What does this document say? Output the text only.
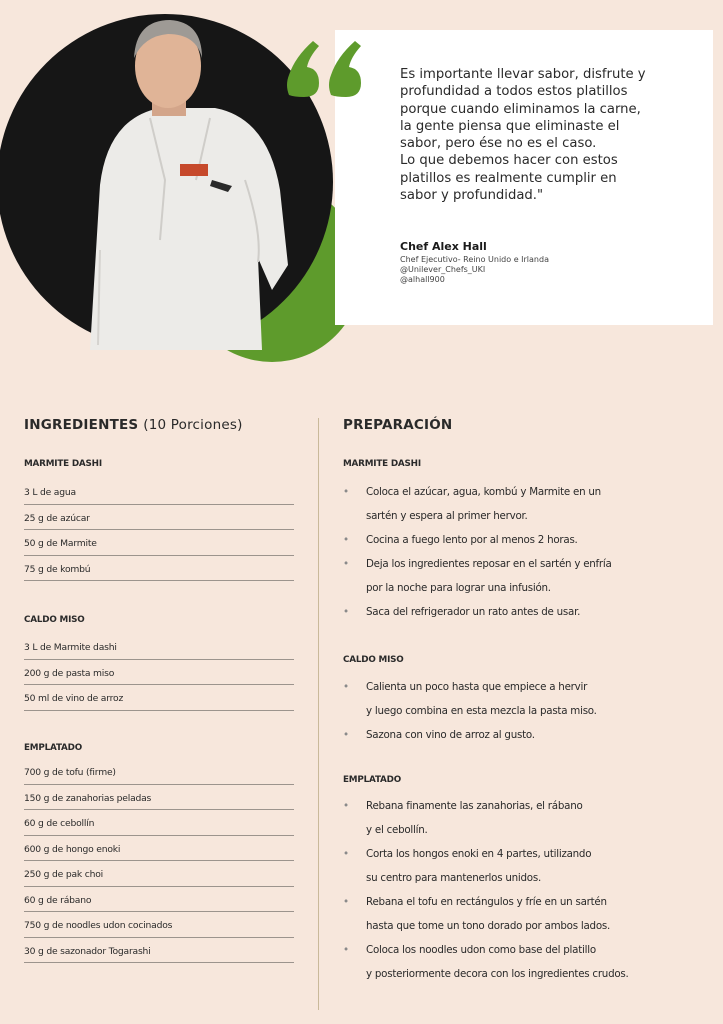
Es importante llevar sabor, disfrute y

profundidad a todos estos platillos

porque cuando eliminamos la carne,

la gente piensa que eliminaste el

sabor, pero ése no es el caso.

Lo que debemos hacer con estos

platillos es realmente cumplir en

sabor y profundidad."

Chef Alex Hall
Chef Ejecutivo- Reino Unido e Irlanda
@Unilever_Chefs_UKI
@alhall900
INGREDIENTES (10 Porciones)
MARMITE DASHI
3 L de agua
25 g de azúcar
50 g de Marmite
75 g de kombú
CALDO MISO
3 L de Marmite dashi
200 g de pasta miso
50 ml de vino de arroz
EMPLATADO
700 g de tofu (firme)
150 g de zanahorias peladas
60 g de cebollín
600 g de hongo enoki
250 g de pak choi
60 g de rábano
750 g de noodles udon cocinados
30 g de sazonador Togarashi
PREPARACIÓN
MARMITE DASHI
• Coloca el azúcar, agua, kombú y Marmite en un
sartén y espera al primer hervor.
• Cocina a fuego lento por al menos 2 horas.
• Deja los ingredientes reposar en el sartén y enfría
por la noche para lograr una infusión.
• Saca del refrigerador un rato antes de usar.
CALDO MISO
• Calienta un poco hasta que empiece a hervir
y luego combina en esta mezcla la pasta miso.
• Sazona con vino de arroz al gusto.
EMPLATADO
• Rebana finamente las zanahorias, el rábano
y el cebollín.
• Corta los hongos enoki en 4 partes, utilizando
su centro para mantenerlos unidos.
• Rebana el tofu en rectángulos y fríe en un sartén
hasta que tome un tono dorado por ambos lados.
• Coloca los noodles udon como base del platillo
y posteriormente decora con los ingredientes crudos.
